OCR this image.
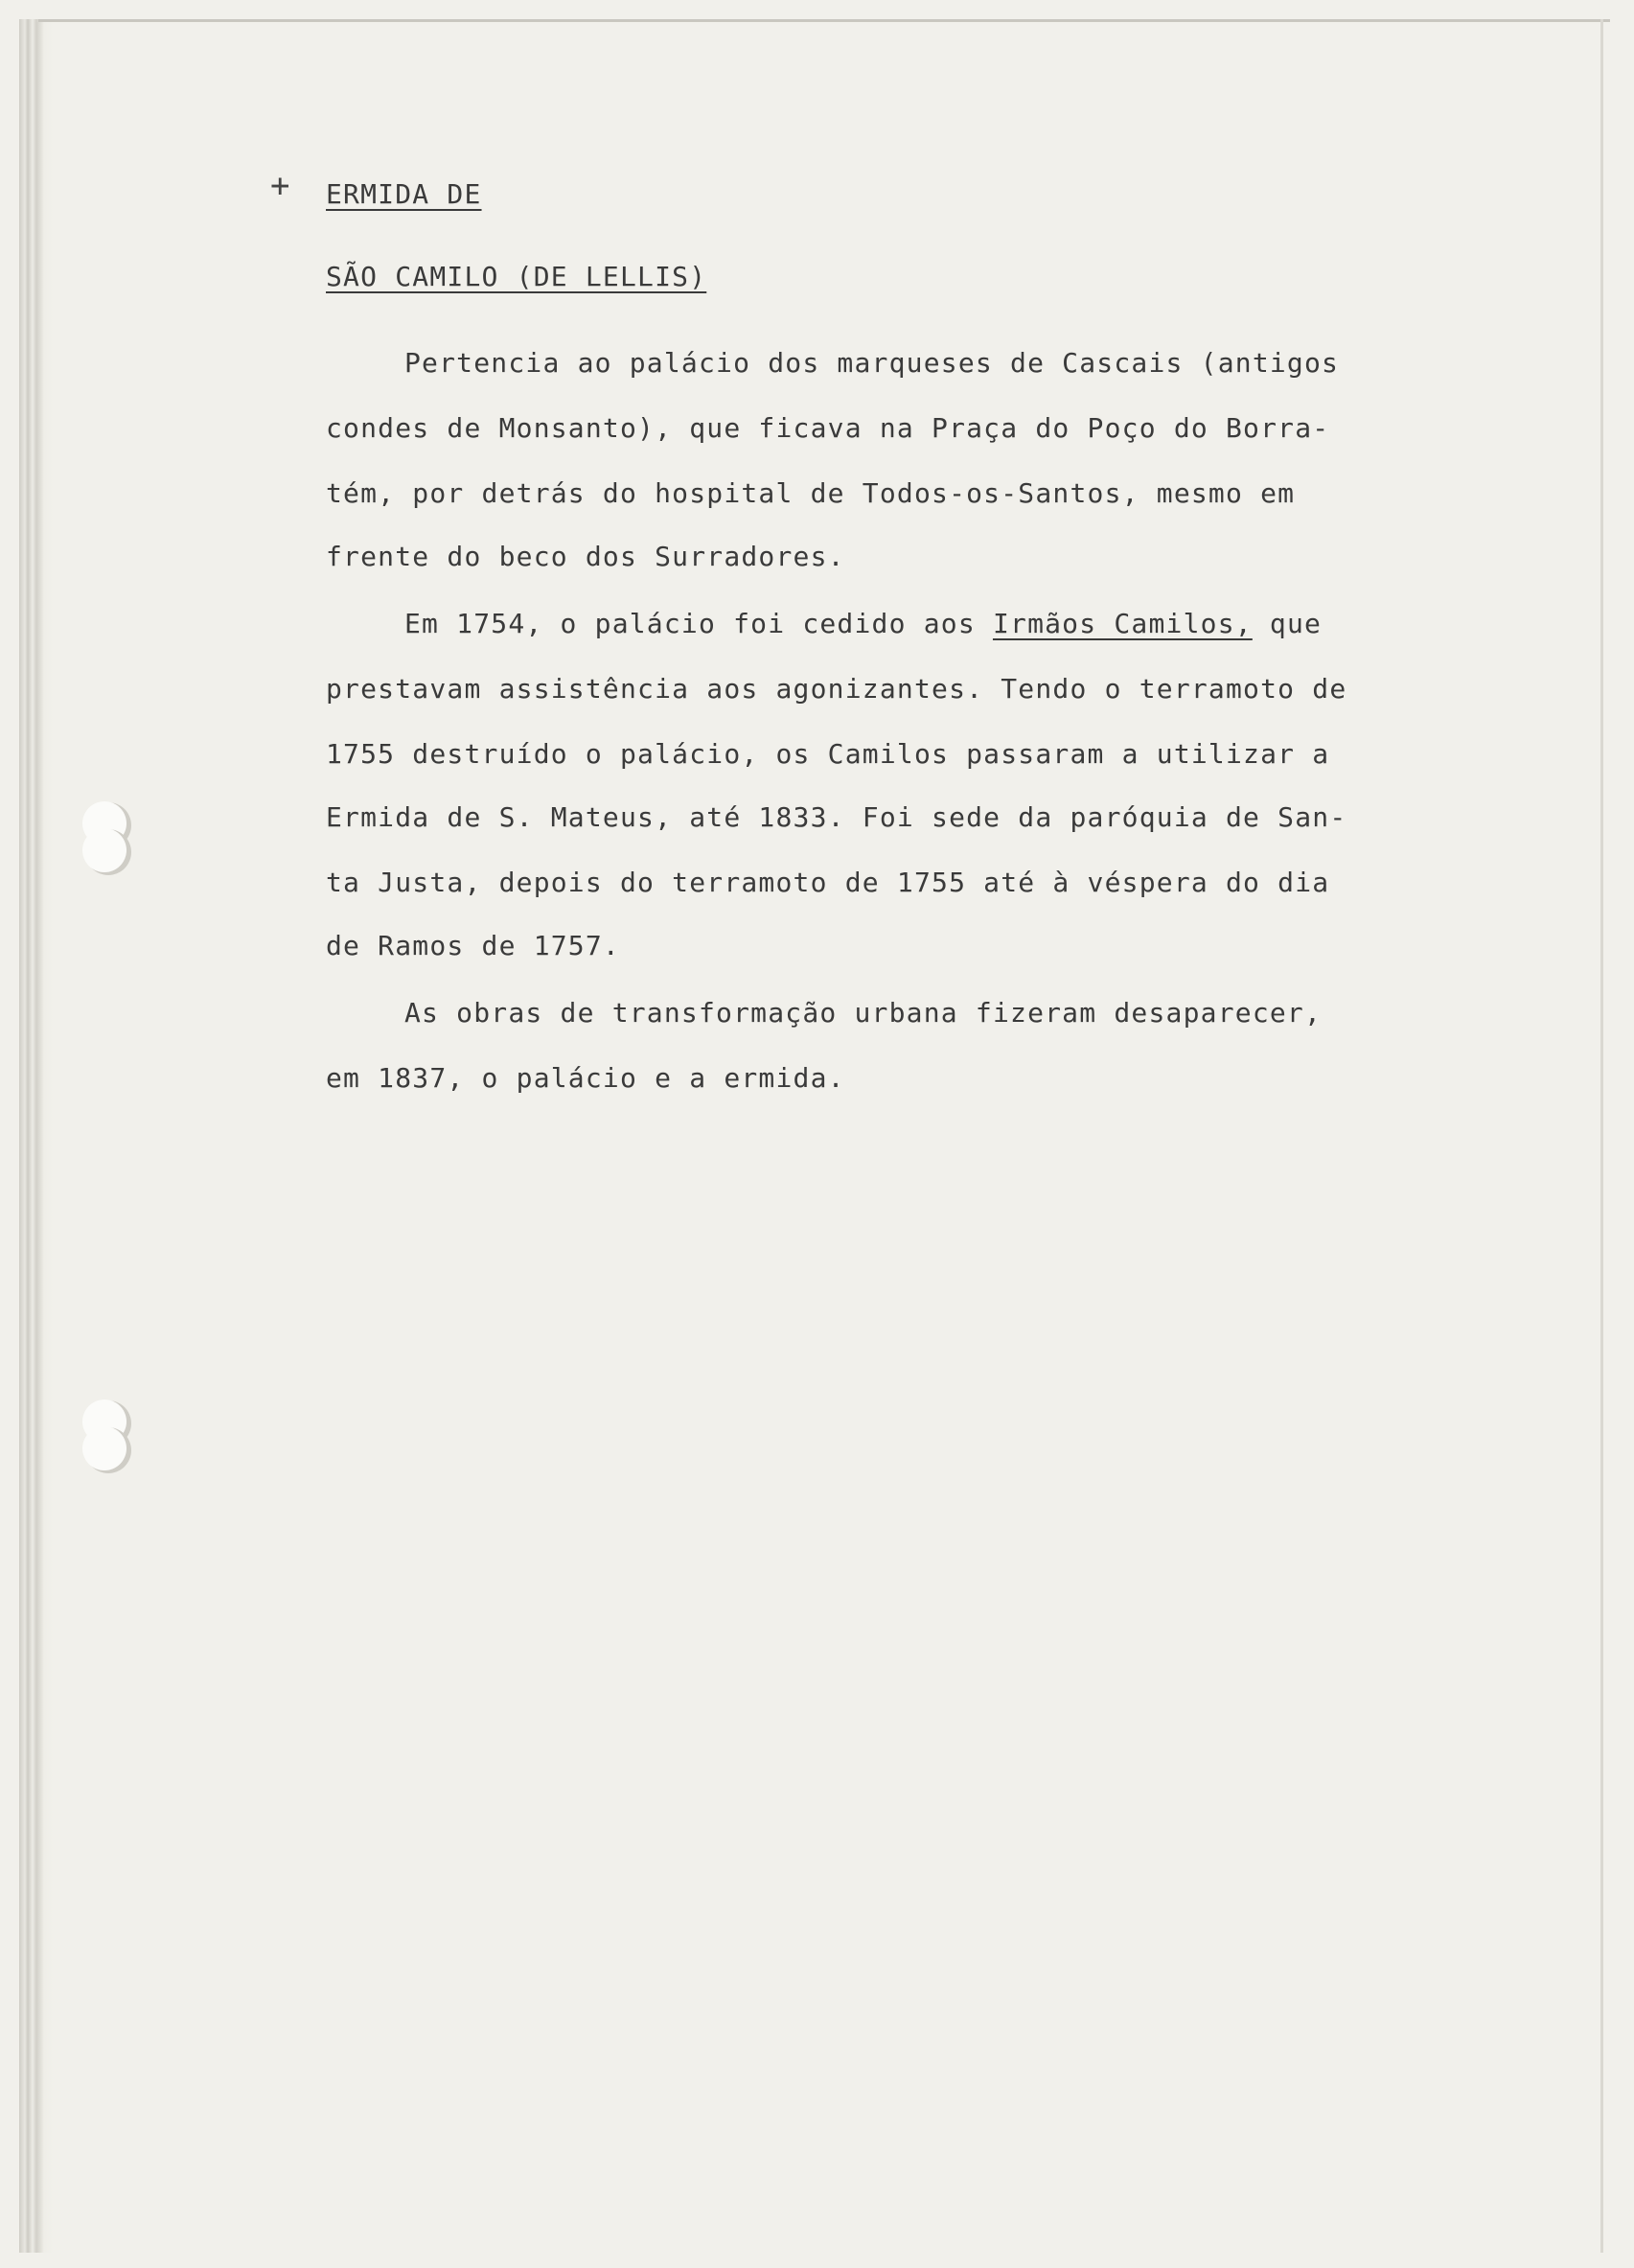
+ ERMIDA DE
SÃO CAMILO (DE LELLIS)
Pertencia ao palácio dos marqueses de Cascais (antigos
condes de Monsanto), que ficava na Praça do Poço do Borra-
tém, por detrás do hospital de Todos-os-Santos, mesmo em
frente do beco dos Surradores.
Em 1754, o palácio foi cedido aos Irmãos Camilos, que
prestavam assistência aos agonizantes. Tendo o terramoto de
1755 destruído o palácio, os Camilos passaram a utilizar a
Ermida de S. Mateus, até 1833. Foi sede da paróquia de San-
ta Justa, depois do terramoto de 1755 até à véspera do dia
de Ramos de 1757.
As obras de transformação urbana fizeram desaparecer,
em 1837, o palácio e a ermida.
